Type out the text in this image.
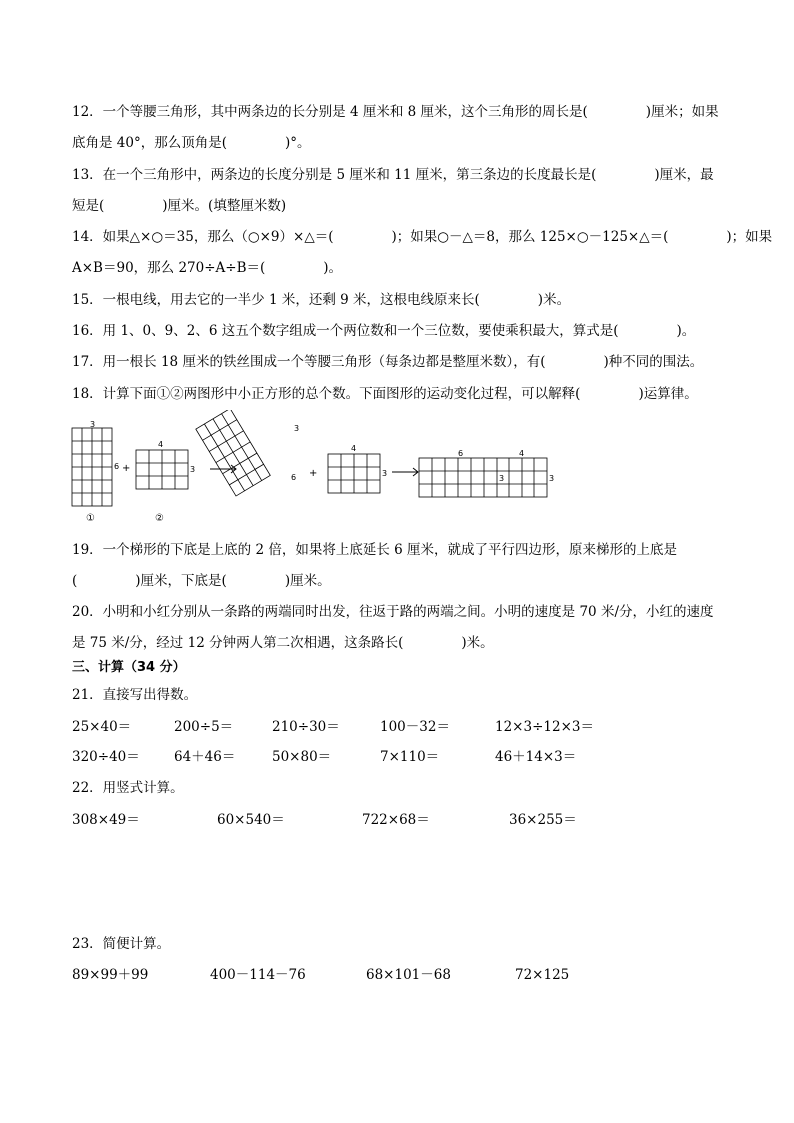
12．一个等腰三角形，其中两条边的长分别是 4 厘米和 8 厘米，这个三角形的周长是(	)厘米；如果
底角是 40°，那么顶角是(	)°。
13．在一个三角形中，两条边的长度分别是 5 厘米和 11 厘米，第三条边的长度最长是(	)厘米，最
短是(	)厘米。(填整厘米数)
14．如果△×○＝35，那么（○×9）×△＝(	)；如果○－△＝8，那么 125×○－125×△＝(	)；如果
A×B＝90，那么 270÷A÷B＝(	)。
15．一根电线，用去它的一半少 1 米，还剩 9 米，这根电线原来长(	)米。
16．用 1、0、9、2、6 这五个数字组成一个两位数和一个三位数，要使乘积最大，算式是(	)。
17．用一根长 18 厘米的铁丝围成一个等腰三角形（每条边都是整厘米数），有(	)种不同的围法。
18．计算下面①②两图形中小正方形的总个数。下面图形的运动变化过程，可以解释(	)运算律。
3
6 +
①
4
3
②
3
6 +
4
3
6	4
3	3
19．一个梯形的下底是上底的 2 倍，如果将上底延长 6 厘米，就成了平行四边形，原来梯形的上底是
(	)厘米，下底是(	)厘米。
20．小明和小红分别从一条路的两端同时出发，往返于路的两端之间。小明的速度是 70 米/分，小红的速度
是 75 米/分，经过 12 分钟两人第二次相遇，这条路长(	)米。
三、计算（34 分）
21．直接写出得数。
25×40＝	200÷5＝	210÷30＝	100－32＝	12×3÷12×3＝
320÷40＝	64＋46＝	50×80＝	7×110＝	46＋14×3＝
22．用竖式计算。
308×49＝	60×540＝	722×68＝	36×255＝
23．简便计算。
89×99＋99	400－114－76	68×101－68	72×125
